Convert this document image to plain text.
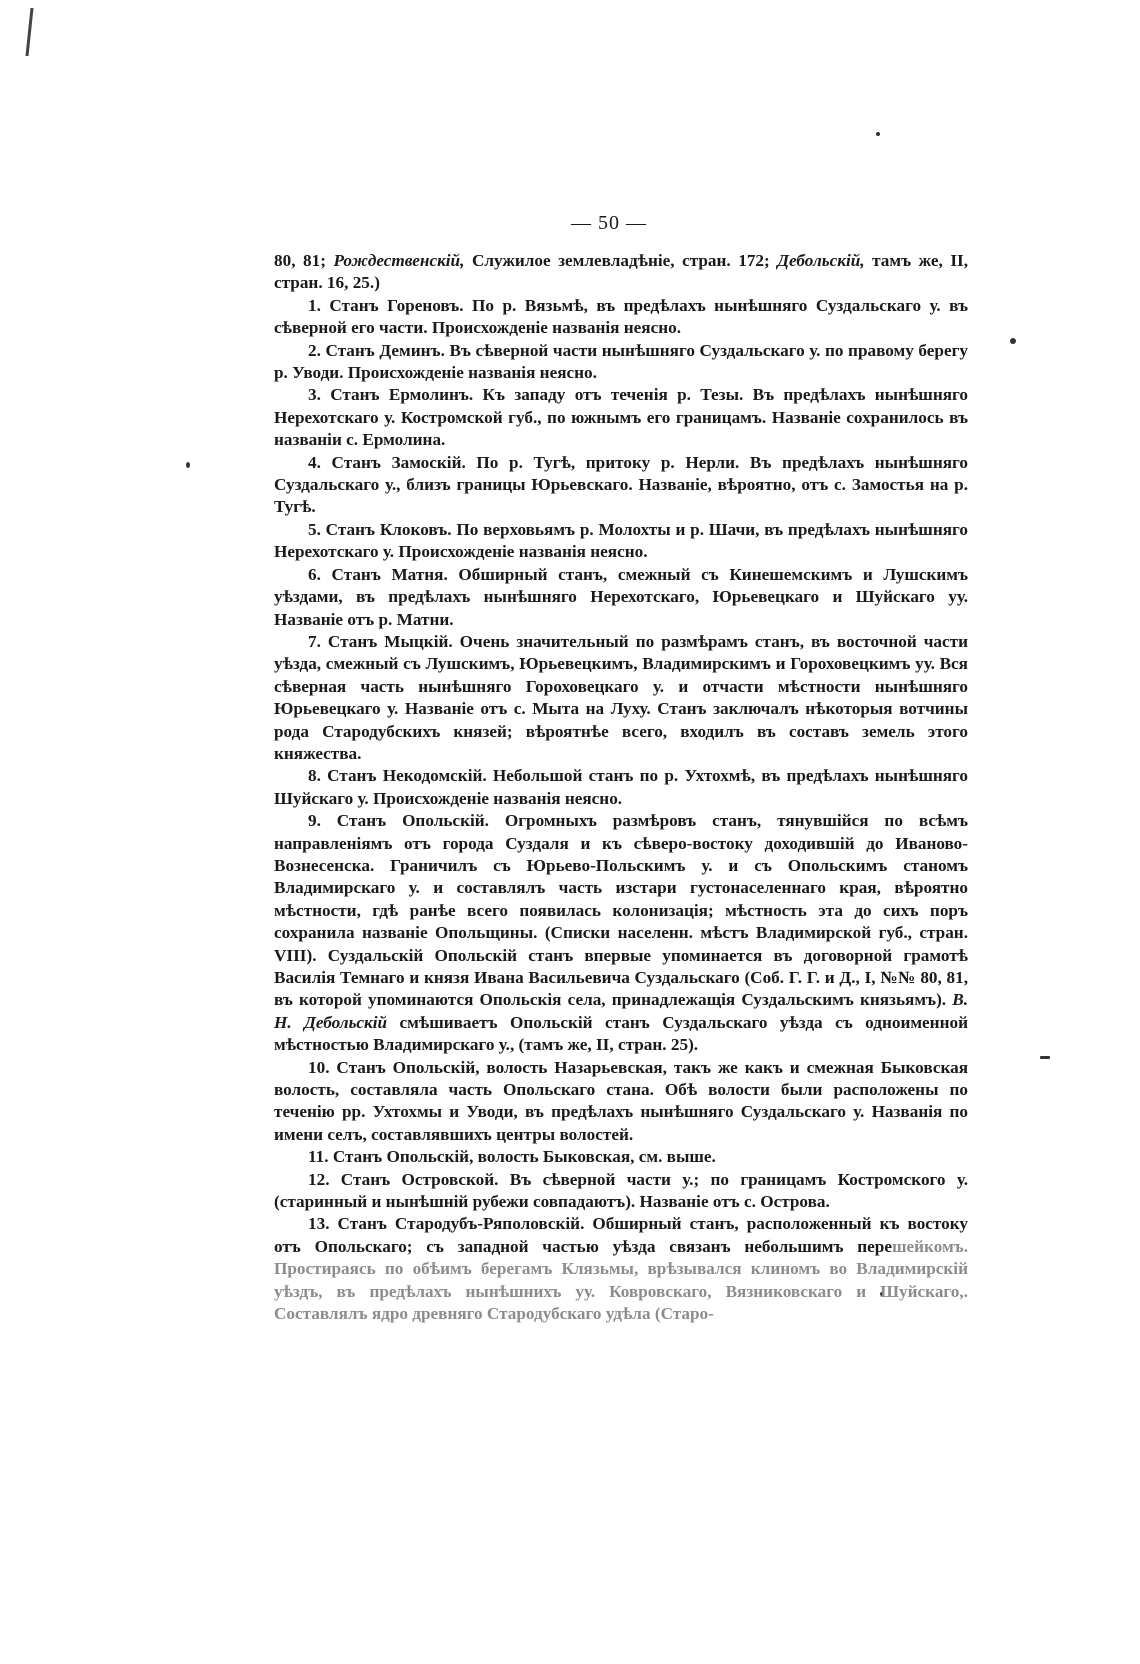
— 50 —

80, 81; Рождественскій, Служилое землевладѣніе, стран. 172; Дебольскій, тамъ же, II, стран. 16, 25.)

1. Станъ Гореновъ. По р. Вязьмѣ, въ предѣлахъ нынѣшняго Суздальскаго у. въ сѣверной его части. Происхожденіе названія неясно.

2. Станъ Деминъ. Въ сѣверной части нынѣшняго Суздальскаго у. по правому берегу р. Уводи. Происхожденіе названія неясно.

3. Станъ Ермолинъ. Къ западу отъ теченія р. Тезы. Въ предѣлахъ нынѣшняго Нерехотскаго у. Костромской губ., по южнымъ его границамъ. Названіе сохранилось въ названіи с. Ермолина.

4. Станъ Замоскій. По р. Тугѣ, притоку р. Нерли. Въ предѣлахъ нынѣшняго Суздальскаго у., близъ границы Юрьевскаго. Названіе, вѣроятно, отъ с. Замостья на р. Тугѣ.

5. Станъ Клоковъ. По верховьямъ р. Молохты и р. Шачи, въ предѣлахъ нынѣшняго Нерехотскаго у. Происхожденіе названія неясно.

6. Станъ Матня. Обширный станъ, смежный съ Кинешемскимъ и Лушскимъ уѣздами, въ предѣлахъ нынѣшняго Нерехотскаго, Юрьевецкаго и Шуйскаго уу. Названіе отъ р. Матни.

7. Станъ Мыцкій. Очень значительный по размѣрамъ станъ, въ восточной части уѣзда, смежный съ Лушскимъ, Юрьевецкимъ, Владимирскимъ и Гороховецкимъ уу. Вся сѣверная часть нынѣшняго Гороховецкаго у. и отчасти мѣстности нынѣшняго Юрьевецкаго у. Названіе отъ с. Мыта на Луху. Станъ заключалъ нѣкоторыя вотчины рода Стародубскихъ князей; вѣроятнѣе всего, входилъ въ составъ земель этого княжества.

8. Станъ Некодомскій. Небольшой станъ по р. Ухтохмѣ, въ предѣлахъ нынѣшняго Шуйскаго у. Происхожденіе названія неясно.

9. Станъ Опольскій. Огромныхъ размѣровъ станъ, тянувшійся по всѣмъ направленіямъ отъ города Суздаля и къ сѣверо-востоку доходившій до Иваново-Вознесенска. Граничилъ съ Юрьево-Польскимъ у. и съ Опольскимъ станомъ Владимирскаго у. и составлялъ часть изстари густонаселеннаго края, вѣроятно мѣстности, гдѣ ранѣе всего появилась колонизація; мѣстность эта до сихъ поръ сохранила названіе Опольщины. (Списки населенн. мѣстъ Владимирской губ., стран. VIII). Суздальскій Опольскій станъ впервые упоминается въ договорной грамотѣ Василія Темнаго и князя Ивана Васильевича Суздальскаго (Соб. Г. Г. и Д., I, №№ 80, 81, въ которой упоминаются Опольскія села, принадлежащія Суздальскимъ князьямъ). В. Н. Дебольскій смѣшиваетъ Опольскій станъ Суздальскаго уѣзда съ одноименной мѣстностью Владимирскаго у., (тамъ же, II, стран. 25).

10. Станъ Опольскій, волость Назарьевская, такъ же какъ и смежная Быковская волость, составляла часть Опольскаго стана. Обѣ волости были расположены по теченію рр. Ухтохмы и Уводи, въ предѣлахъ нынѣшняго Суздальскаго у. Названія по имени селъ, составлявшихъ центры волостей.

11. Станъ Опольскій, волость Быковская, см. выше.

12. Станъ Островской. Въ сѣверной части у.; по границамъ Костромского у. (старинный и нынѣшній рубежи совпадаютъ). Названіе отъ с. Острова.

13. Станъ Стародубъ-Ряполовскій. Обширный станъ, расположенный къ востоку отъ Опольскаго; съ западной частью уѣзда связанъ небольшимъ перешейкомъ. Простираясь по обѣимъ берегамъ Клязьмы, врѣзывался клиномъ во Владимирскій уѣздъ, въ предѣлахъ нынѣшнихъ уу. Ковровскаго, Вязниковскаго и Шуйскаго,. Составлялъ ядро древняго Стародубскаго удѣла (Старо-
